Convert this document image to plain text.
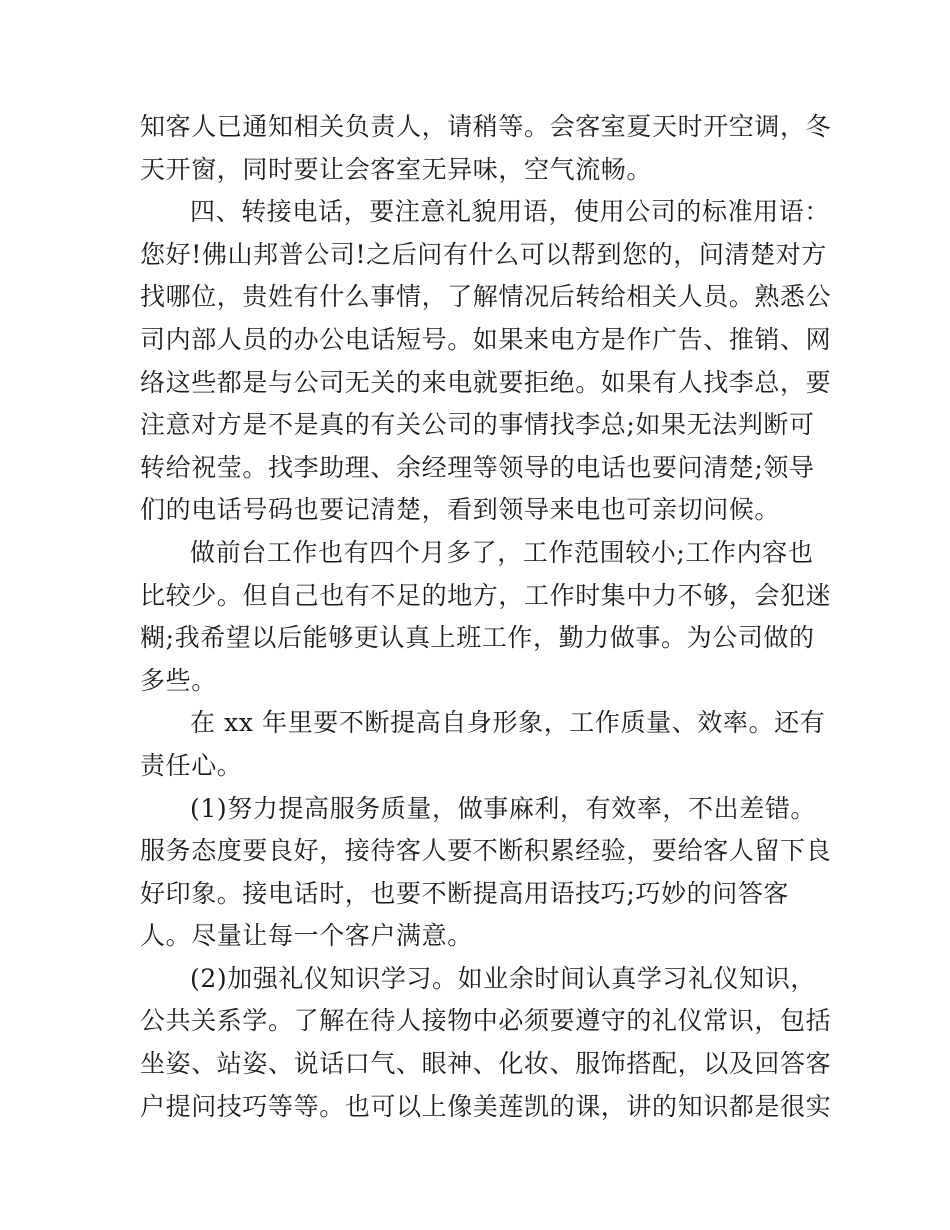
知客人已通知相关负责人，请稍等。会客室夏天时开空调，冬
天开窗，同时要让会客室无异味，空气流畅。
四、转接电话，要注意礼貌用语，使用公司的标准用语：
您好!佛山邦普公司!之后问有什么可以帮到您的，问清楚对方
找哪位，贵姓有什么事情，了解情况后转给相关人员。熟悉公
司内部人员的办公电话短号。如果来电方是作广告、推销、网
络这些都是与公司无关的来电就要拒绝。如果有人找李总，要
注意对方是不是真的有关公司的事情找李总;如果无法判断可
转给祝莹。找李助理、余经理等领导的电话也要问清楚;领导
们的电话号码也要记清楚，看到领导来电也可亲切问候。
做前台工作也有四个月多了，工作范围较小;工作内容也
比较少。但自己也有不足的地方，工作时集中力不够，会犯迷
糊;我希望以后能够更认真上班工作，勤力做事。为公司做的
多些。
在 xx 年里要不断提高自身形象，工作质量、效率。还有
责任心。
(1)努力提高服务质量，做事麻利，有效率，不出差错。
服务态度要良好，接待客人要不断积累经验，要给客人留下良
好印象。接电话时，也要不断提高用语技巧;巧妙的问答客
人。尽量让每一个客户满意。
(2)加强礼仪知识学习。如业余时间认真学习礼仪知识，
公共关系学。了解在待人接物中必须要遵守的礼仪常识，包括
坐姿、站姿、说话口气、眼神、化妆、服饰搭配，以及回答客
户提问技巧等等。也可以上像美莲凯的课，讲的知识都是很实
